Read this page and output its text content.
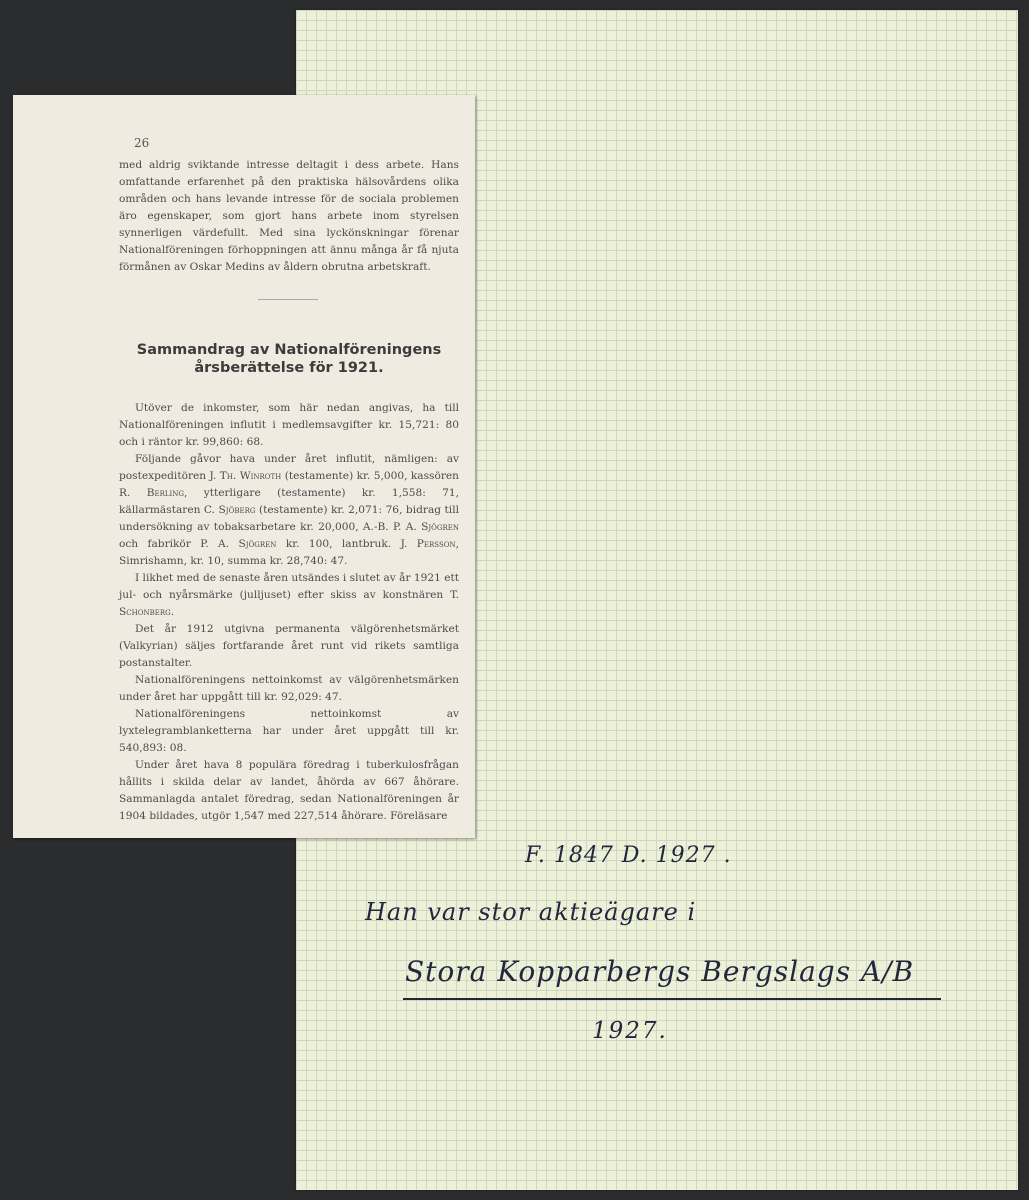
26

med aldrig sviktande intresse deltagit i dess arbete. Hans omfattande erfarenhet på den praktiska hälsovårdens olika områden och hans levande intresse för de sociala problemen äro egenskaper, som gjort hans arbete inom styrelsen synnerligen värdefullt. Med sina lyckönskningar förenar Nationalföreningen förhoppningen att ännu många år få njuta förmånen av Oskar Medins av åldern obrutna arbetskraft.

Sammandrag av Nationalföreningens
årsberättelse för 1921.

Utöver de inkomster, som här nedan angivas, ha till Nationalföreningen influtit i medlemsavgifter kr. 15,721: 80 och i räntor kr. 99,860: 68.

Följande gåvor hava under året influtit, nämligen: av postexpeditören J. Th. Winroth (testamente) kr. 5,000, kassören R. Berling, ytterligare (testamente) kr. 1,558: 71, källarmästaren C. Sjöberg (testamente) kr. 2,071: 76, bidrag till undersökning av tobaksarbetare kr. 20,000, A.-B. P. A. Sjögren och fabrikör P. A. Sjögren kr. 100, lantbruk. J. Persson, Simrishamn, kr. 10, summa kr. 28,740: 47.

I likhet med de senaste åren utsändes i slutet av år 1921 ett jul- och nyårsmärke (julljuset) efter skiss av konstnären T. Schonberg.

Det år 1912 utgivna permanenta välgörenhetsmärket (Valkyrian) säljes fortfarande året runt vid rikets samtliga postanstalter.

Nationalföreningens nettoinkomst av välgörenhetsmärken under året har uppgått till kr. 92,029: 47.

Nationalföreningens nettoinkomst av lyxtelegramblanketterna har under året uppgått till kr. 540,893: 08.

Under året hava 8 populära föredrag i tuberkulosfrågan hållits i skilda delar av landet, åhörda av 667 åhörare. Sammanlagda antalet föredrag, sedan Nationalföreningen år 1904 bildades, utgör 1,547 med 227,514 åhörare. Föreläsare

F. 1847 D. 1927 .
Han var stor aktieägare i
Stora Kopparbergs Bergslags A/B
1927.
